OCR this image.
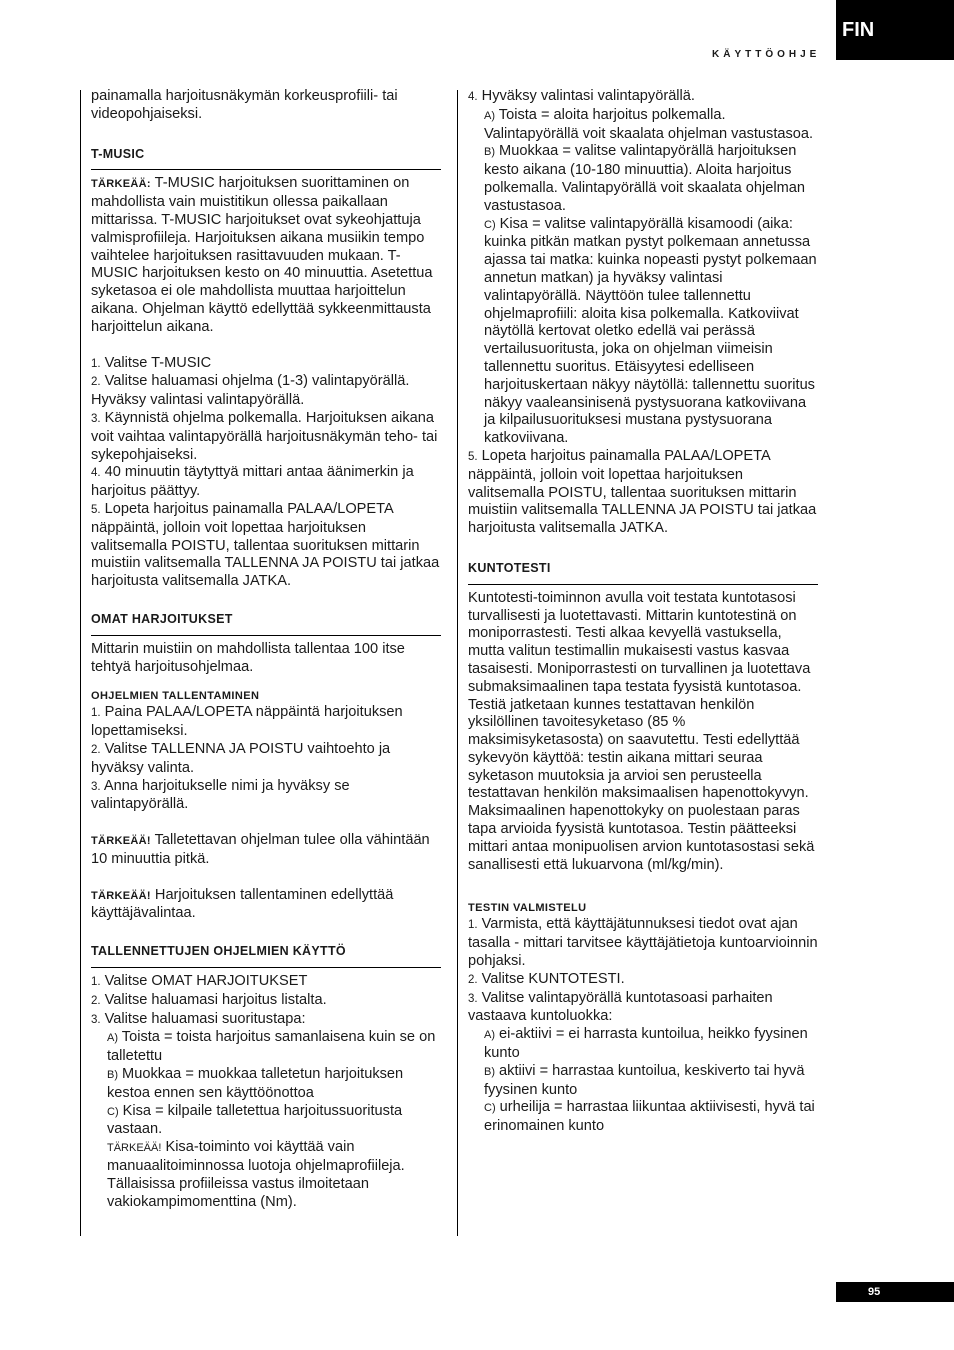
FIN
KÄYTTÖOHJE

painamalla harjoitusnäkymän korkeusprofiili- tai videopohjaiseksi.

T-MUSIC

TÄRKEÄÄ: T-MUSIC harjoituksen suorittaminen on mahdollista vain muistitikun ollessa paikallaan mittarissa. T-MUSIC harjoitukset ovat sykeohjattuja valmisprofiileja. Harjoituksen aikana musiikin tempo vaihtelee harjoituksen rasittavuuden mukaan. T-MUSIC harjoituksen kesto on 40 minuuttia. Asetettua syketasoa ei ole mahdollista muuttaa harjoittelun aikana. Ohjelman käyttö edellyttää sykkeenmittausta harjoittelun aikana.

1. Valitse T-MUSIC

2. Valitse haluamasi ohjelma (1-3) valintapyörällä. Hyväksy valintasi valintapyörällä.

3. Käynnistä ohjelma polkemalla. Harjoituksen aikana voit vaihtaa valintapyörällä harjoitusnäkymän teho- tai sykepohjaiseksi.

4. 40 minuutin täytyttyä mittari antaa äänimerkin ja harjoitus päättyy.

5. Lopeta harjoitus painamalla PALAA/LOPETA näppäintä, jolloin voit lopettaa harjoituksen valitsemalla POISTU, tallentaa suorituksen mittarin muistiin valitsemalla TALLENNA JA POISTU tai jatkaa harjoitusta valitsemalla JATKA.

OMAT HARJOITUKSET

Mittarin muistiin on mahdollista tallentaa 100 itse tehtyä harjoitusohjelmaa.

OHJELMIEN TALLENTAMINEN

1. Paina PALAA/LOPETA näppäintä harjoituksen lopettamiseksi.

2. Valitse TALLENNA JA POISTU vaihtoehto ja hyväksy valinta.

3. Anna harjoitukselle nimi ja hyväksy se valintapyörällä.

TÄRKEÄÄ! Talletettavan ohjelman tulee olla vähintään 10 minuuttia pitkä.

TÄRKEÄÄ! Harjoituksen tallentaminen edellyttää käyttäjävalintaa.

TALLENNETTUJEN OHJELMIEN KÄYTTÖ

1. Valitse OMAT HARJOITUKSET

2. Valitse haluamasi harjoitus listalta.

3. Valitse haluamasi suoritustapa:

A) Toista = toista harjoitus samanlaisena kuin se on talletettu

B) Muokkaa = muokkaa talletetun harjoituksen kestoa ennen sen käyttöönottoa

C) Kisa = kilpaile talletettua harjoitussuoritusta vastaan.

TÄRKEÄÄ! Kisa-toiminto voi käyttää vain manuaalitoiminnossa luotoja ohjelmaprofiileja. Tällaisissa profiileissa vastus ilmoitetaan vakiokampimomenttina (Nm).

4. Hyväksy valintasi valintapyörällä.

A) Toista = aloita harjoitus polkemalla. Valintapyörällä voit skaalata ohjelman vastustasoa.

B) Muokkaa = valitse valintapyörällä harjoituksen kesto aikana (10-180 minuuttia). Aloita harjoitus polkemalla. Valintapyörällä voit skaalata ohjelman vastustasoa.

C) Kisa = valitse valintapyörällä kisamoodi (aika: kuinka pitkän matkan pystyt polkemaan annetussa ajassa tai matka: kuinka nopeasti pystyt polkemaan annetun matkan) ja hyväksy valintasi valintapyörällä. Näyttöön tulee tallennettu ohjelmaprofiili: aloita kisa polkemalla. Katkoviivat näytöllä kertovat oletko edellä vai perässä vertailusuoritusta, joka on ohjelman viimeisin tallennettu suoritus. Etäisyytesi edelliseen harjoituskertaan näkyy näytöllä: tallennettu suoritus näkyy vaaleansinisenä pystysuorana katkoviivana ja kilpailusuorituksesi mustana pystysuorana katkoviivana.

5. Lopeta harjoitus painamalla PALAA/LOPETA näppäintä, jolloin voit lopettaa harjoituksen valitsemalla POISTU, tallentaa suorituksen mittarin muistiin valitsemalla TALLENNA JA POISTU tai jatkaa harjoitusta valitsemalla JATKA.

KUNTOTESTI

Kuntotesti-toiminnon avulla voit testata kuntotasosi turvallisesti ja luotettavasti. Mittarin kuntotestinä on moniporrastesti. Testi alkaa kevyellä vastuksella, mutta valitun testimallin mukaisesti vastus kasvaa tasaisesti. Moniporrastesti on turvallinen ja luotettava submaksimaalinen tapa testata fyysistä kuntotasoa. Testiä jatketaan kunnes testattavan henkilön yksilöllinen tavoitesyketaso (85 % maksimisyketasosta) on saavutettu. Testi edellyttää sykevyön käyttöä: testin aikana mittari seuraa syketason muutoksia ja arvioi sen perusteella testattavan henkilön maksimaalisen hapenottokyvyn. Maksimaalinen hapenottokyky on puolestaan paras tapa arvioida fyysistä kuntotasoa. Testin päätteeksi mittari antaa monipuolisen arvion kuntotasostasi sekä sanallisesti että lukuarvona (ml/kg/min).

TESTIN VALMISTELU

1. Varmista, että käyttäjätunnuksesi tiedot ovat ajan tasalla - mittari tarvitsee käyttäjätietoja kuntoarvioinnin pohjaksi.

2. Valitse KUNTOTESTI.

3. Valitse valintapyörällä kuntotasoasi parhaiten vastaava kuntoluokka:

A) ei-aktiivi = ei harrasta kuntoilua, heikko fyysinen kunto

B) aktiivi = harrastaa kuntoilua, keskiverto tai hyvä fyysinen kunto

C) urheilija = harrastaa liikuntaa aktiivisesti, hyvä tai erinomainen kunto

95
